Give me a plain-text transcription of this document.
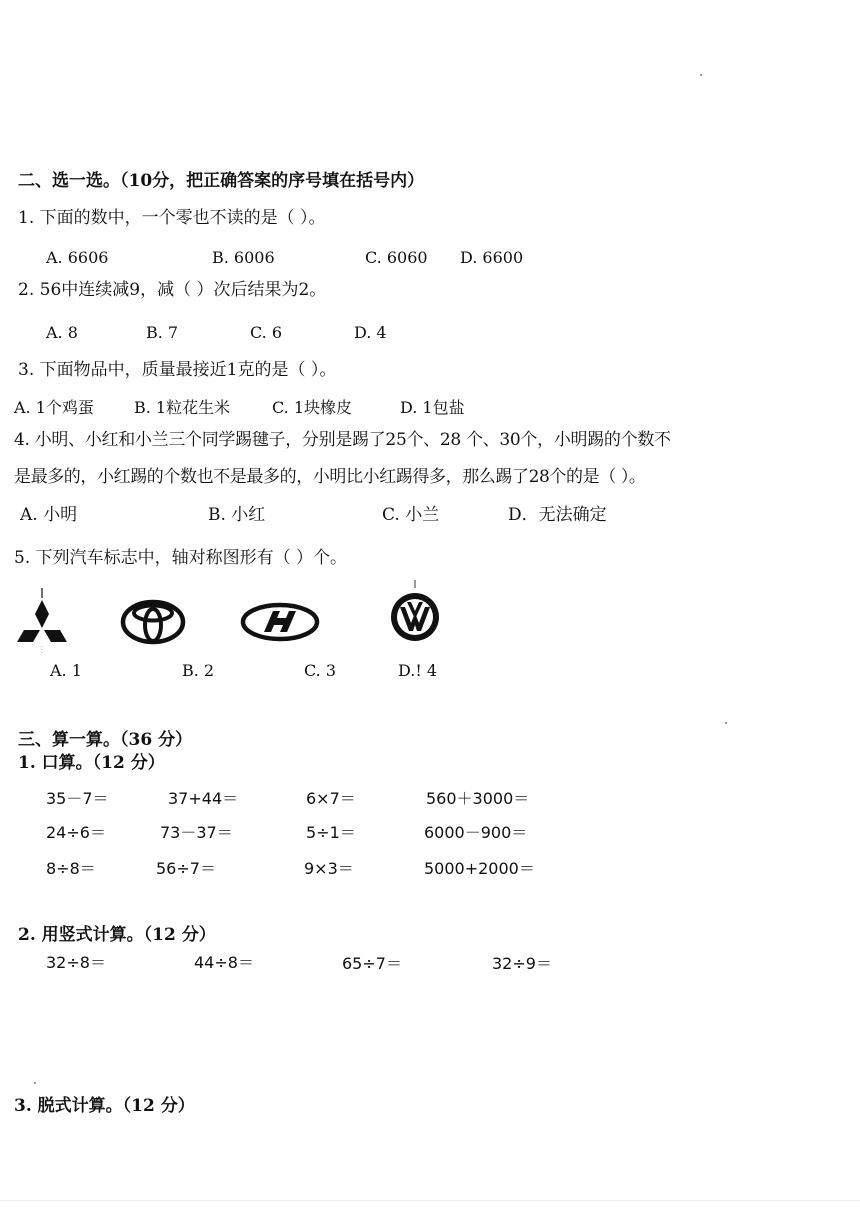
二、选一选。（10分，把正确答案的序号填在括号内）
1. 下面的数中，一个零也不读的是（ ）。
A. 6606	B. 6006	C. 6060 D. 6600
2. 56中连续减9，减（ ）次后结果为2。
A. 8	B. 7	C. 6	D. 4
3. 下面物品中，质量最接近1克的是（ ）。
A. 1个鸡蛋	B. 1粒花生米	C. 1块橡皮	D. 1包盐
4. 小明、小红和小兰三个同学踢毽子，分别是踢了25个、28 个、30个，小明踢的个数不
是最多的，小红踢的个数也不是最多的，小明比小红踢得多，那么踢了28个的是（ ）。
A. 小明	B. 小红	C. 小兰	D．无法确定
5. 下列汽车标志中，轴对称图形有（ ）个。
A. 1	B. 2	C. 3	D.! 4
三、算一算。（36 分）
1. 口算。（12 分）
35－7＝	37+44＝	6×7＝	560＋3000＝
24÷6＝	73－37＝	5÷1＝	6000－900＝
8÷8＝	56÷7＝	9×3＝	5000+2000＝
2. 用竖式计算。（12 分）
32÷8＝	44÷8＝	65÷7＝	32÷9＝
3. 脱式计算。（12 分）
